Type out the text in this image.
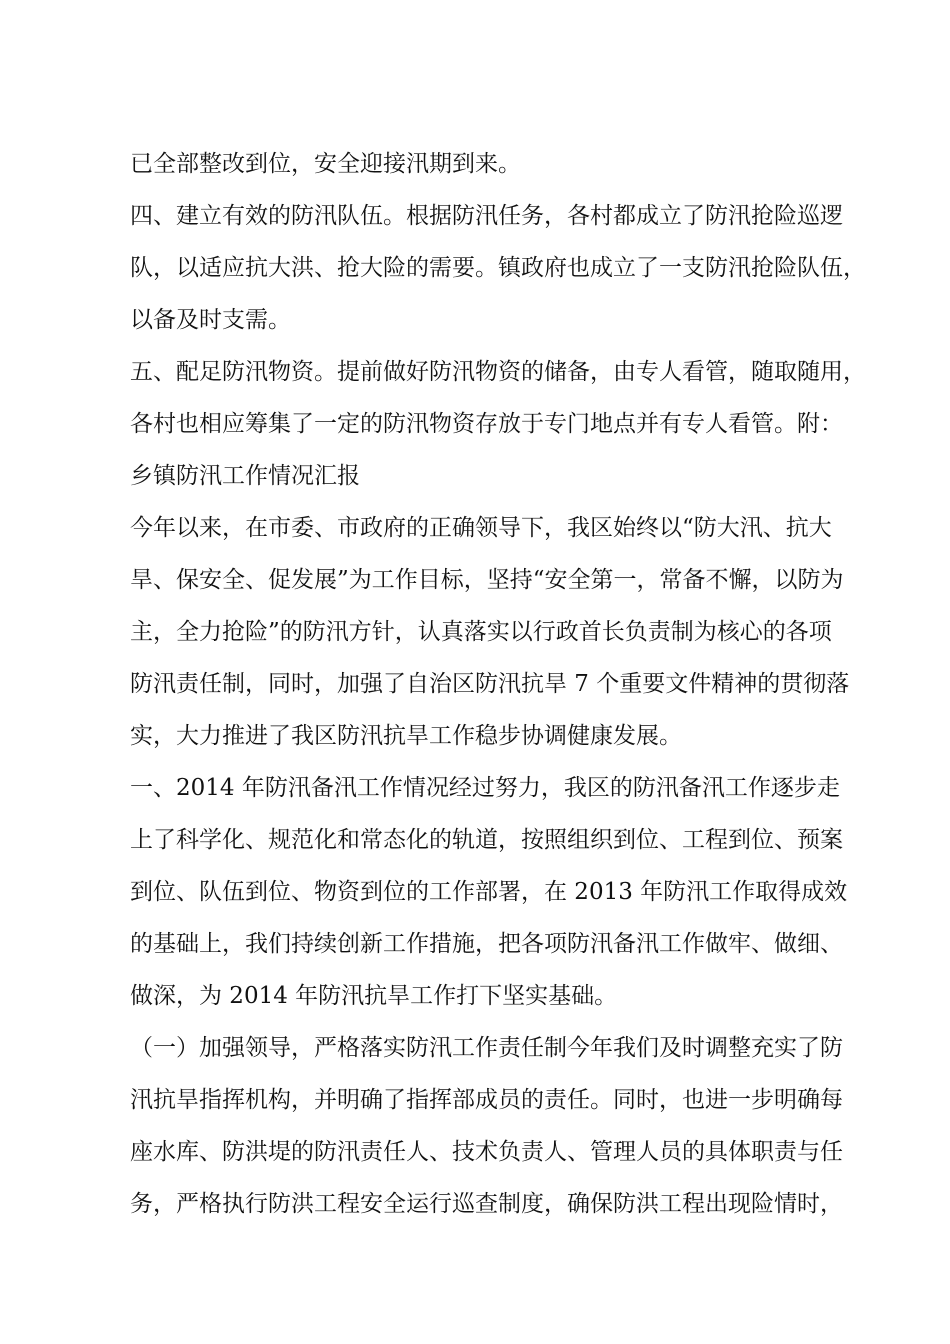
已全部整改到位，安全迎接汛期到来。
四、建立有效的防汛队伍。根据防汛任务，各村都成立了防汛抢险巡逻
队，以适应抗大洪、抢大险的需要。镇政府也成立了一支防汛抢险队伍，
以备及时支需。
五、配足防汛物资。提前做好防汛物资的储备，由专人看管，随取随用，
各村也相应筹集了一定的防汛物资存放于专门地点并有专人看管。附：
乡镇防汛工作情况汇报
今年以来，在市委、市政府的正确领导下，我区始终以“防大汛、抗大
旱、保安全、促发展”为工作目标，坚持“安全第一，常备不懈，以防为
主，全力抢险”的防汛方针，认真落实以行政首长负责制为核心的各项
防汛责任制，同时，加强了自治区防汛抗旱 7 个重要文件精神的贯彻落
实，大力推进了我区防汛抗旱工作稳步协调健康发展。
一、2014 年防汛备汛工作情况经过努力，我区的防汛备汛工作逐步走
上了科学化、规范化和常态化的轨道，按照组织到位、工程到位、预案
到位、队伍到位、物资到位的工作部署，在 2013 年防汛工作取得成效
的基础上，我们持续创新工作措施，把各项防汛备汛工作做牢、做细、
做深，为 2014 年防汛抗旱工作打下坚实基础。
（一）加强领导，严格落实防汛工作责任制今年我们及时调整充实了防
汛抗旱指挥机构，并明确了指挥部成员的责任。同时，也进一步明确每
座水库、防洪堤的防汛责任人、技术负责人、管理人员的具体职责与任
务，严格执行防洪工程安全运行巡查制度，确保防洪工程出现险情时，
